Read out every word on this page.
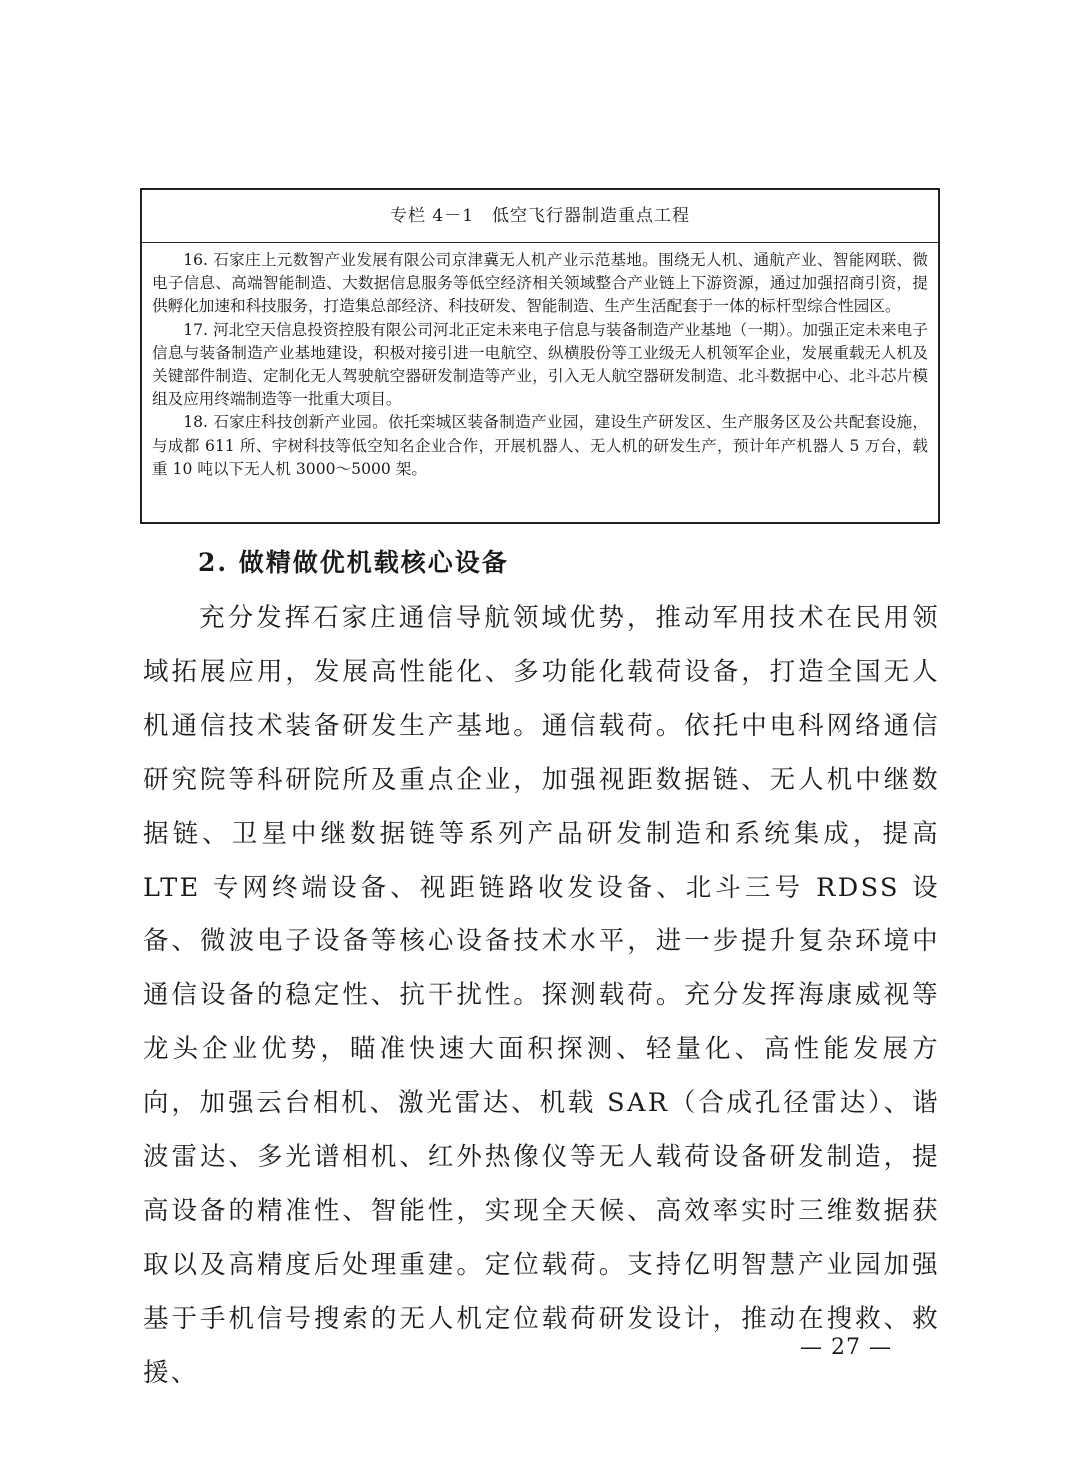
专栏 4－1　低空飞行器制造重点工程

16. 石家庄上元数智产业发展有限公司京津冀无人机产业示范基地。围绕无人机、通航产业、智能网联、微电子信息、高端智能制造、大数据信息服务等低空经济相关领域整合产业链上下游资源，通过加强招商引资，提供孵化加速和科技服务，打造集总部经济、科技研发、智能制造、生产生活配套于一体的标杆型综合性园区。

17. 河北空天信息投资控股有限公司河北正定未来电子信息与装备制造产业基地（一期）。加强正定未来电子信息与装备制造产业基地建设，积极对接引进一电航空、纵横股份等工业级无人机领军企业，发展重载无人机及关键部件制造、定制化无人驾驶航空器研发制造等产业，引入无人航空器研发制造、北斗数据中心、北斗芯片模组及应用终端制造等一批重大项目。

18. 石家庄科技创新产业园。依托栾城区装备制造产业园，建设生产研发区、生产服务区及公共配套设施，与成都 611 所、宇树科技等低空知名企业合作，开展机器人、无人机的研发生产，预计年产机器人 5 万台，载重 10 吨以下无人机 3000～5000 架。

2. 做精做优机载核心设备

充分发挥石家庄通信导航领域优势，推动军用技术在民用领域拓展应用，发展高性能化、多功能化载荷设备，打造全国无人机通信技术装备研发生产基地。通信载荷。依托中电科网络通信研究院等科研院所及重点企业，加强视距数据链、无人机中继数据链、卫星中继数据链等系列产品研发制造和系统集成，提高 LTE 专网终端设备、视距链路收发设备、北斗三号 RDSS 设备、微波电子设备等核心设备技术水平，进一步提升复杂环境中通信设备的稳定性、抗干扰性。探测载荷。充分发挥海康威视等龙头企业优势，瞄准快速大面积探测、轻量化、高性能发展方向，加强云台相机、激光雷达、机载 SAR（合成孔径雷达）、谐波雷达、多光谱相机、红外热像仪等无人载荷设备研发制造，提高设备的精准性、智能性，实现全天候、高效率实时三维数据获取以及高精度后处理重建。定位载荷。支持亿明智慧产业园加强基于手机信号搜索的无人机定位载荷研发设计，推动在搜救、救援、

— 27 —
